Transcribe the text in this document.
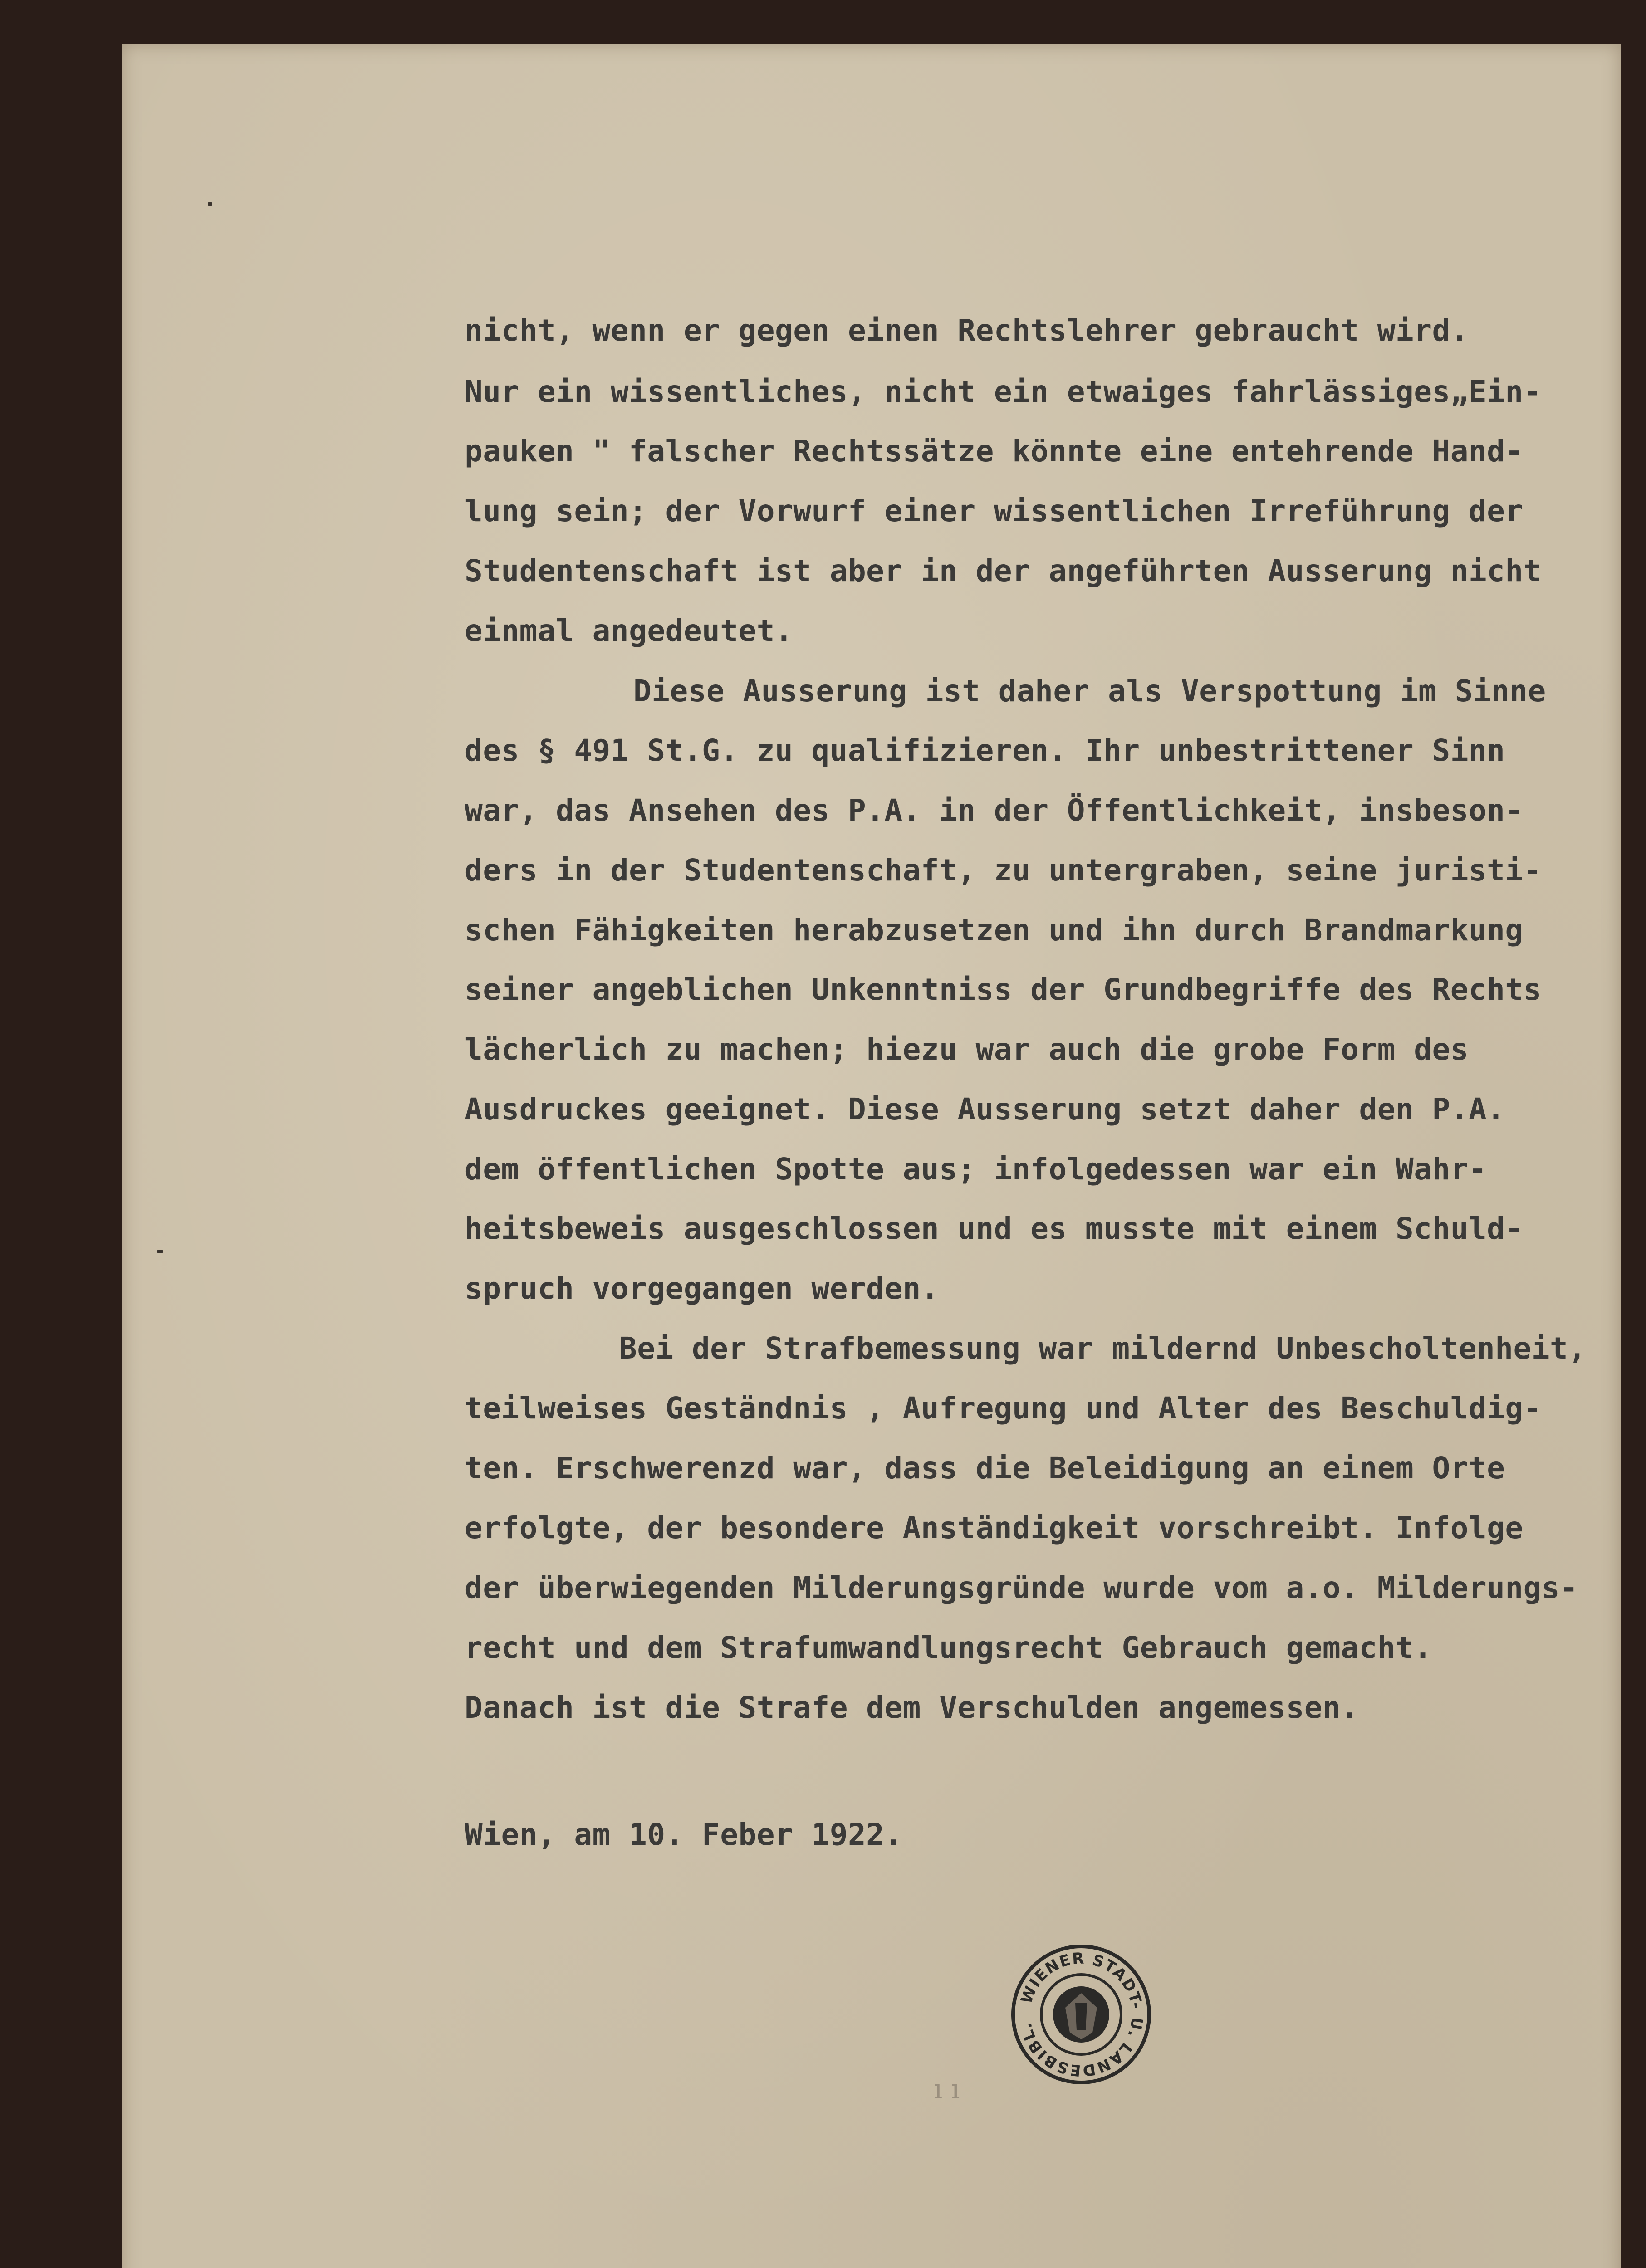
nicht, wenn er gegen einen Rechtslehrer gebraucht wird.
Nur ein wissentliches, nicht ein etwaiges fahrlässiges„Ein-
pauken " falscher Rechtssätze könnte eine entehrende Hand-
lung sein; der Vorwurf einer wissentlichen Irreführung der
Studentenschaft ist aber in der angeführten Ausserung nicht
einmal angedeutet.
Diese Ausserung ist daher als Verspottung im Sinne
des § 491 St.G. zu qualifizieren. Ihr unbestrittener Sinn
war, das Ansehen des P.A. in der Öffentlichkeit, insbeson-
ders in der Studentenschaft, zu untergraben, seine juristi-
schen Fähigkeiten herabzusetzen und ihn durch Brandmarkung
seiner angeblichen Unkenntniss der Grundbegriffe des Rechts
lächerlich zu machen; hiezu war auch die grobe Form des
Ausdruckes geeignet. Diese Ausserung setzt daher den P.A.
dem öffentlichen Spotte aus; infolgedessen war ein Wahr-
heitsbeweis ausgeschlossen und es musste mit einem Schuld-
spruch vorgegangen werden.
Bei der Strafbemessung war mildernd Unbescholtenheit,
teilweises Geständnis , Aufregung und Alter des Beschuldig-
ten. Erschwerenzd war, dass die Beleidigung an einem Orte
erfolgte, der besondere Anständigkeit vorschreibt. Infolge
der überwiegenden Milderungsgründe wurde vom a.o. Milderungs-
recht und dem Strafumwandlungsrecht Gebrauch gemacht.
Danach ist die Strafe dem Verschulden angemessen.
Wien, am 10. Feber 1922.
WIENER STADT- U. LANDESBIBL.
ı ı
